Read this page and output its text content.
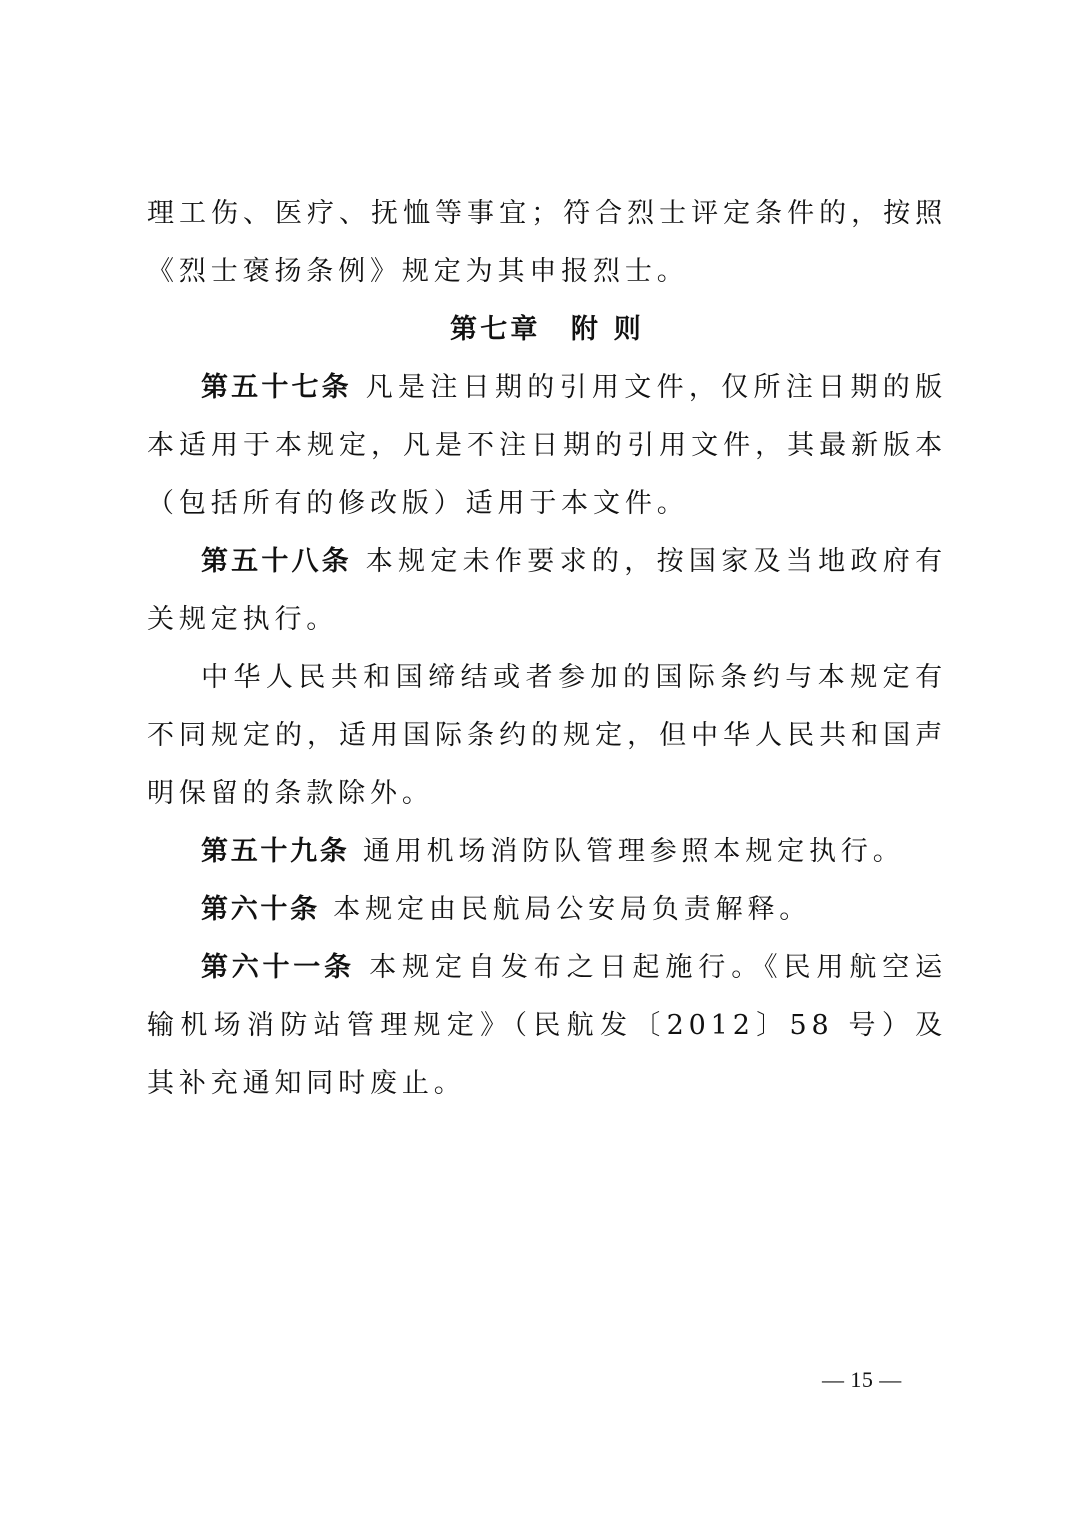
理工伤、医疗、抚恤等事宜；符合烈士评定条件的，按照《烈士褒扬条例》规定为其申报烈士。

第七章　附 则

第五十七条 凡是注日期的引用文件，仅所注日期的版本适用于本规定，凡是不注日期的引用文件，其最新版本（包括所有的修改版）适用于本文件。

第五十八条 本规定未作要求的，按国家及当地政府有关规定执行。

中华人民共和国缔结或者参加的国际条约与本规定有不同规定的，适用国际条约的规定，但中华人民共和国声明保留的条款除外。

第五十九条 通用机场消防队管理参照本规定执行。

第六十条 本规定由民航局公安局负责解释。

第六十一条 本规定自发布之日起施行。《民用航空运输机场消防站管理规定》（民航发〔2012〕58 号）及其补充通知同时废止。

— 15 —
